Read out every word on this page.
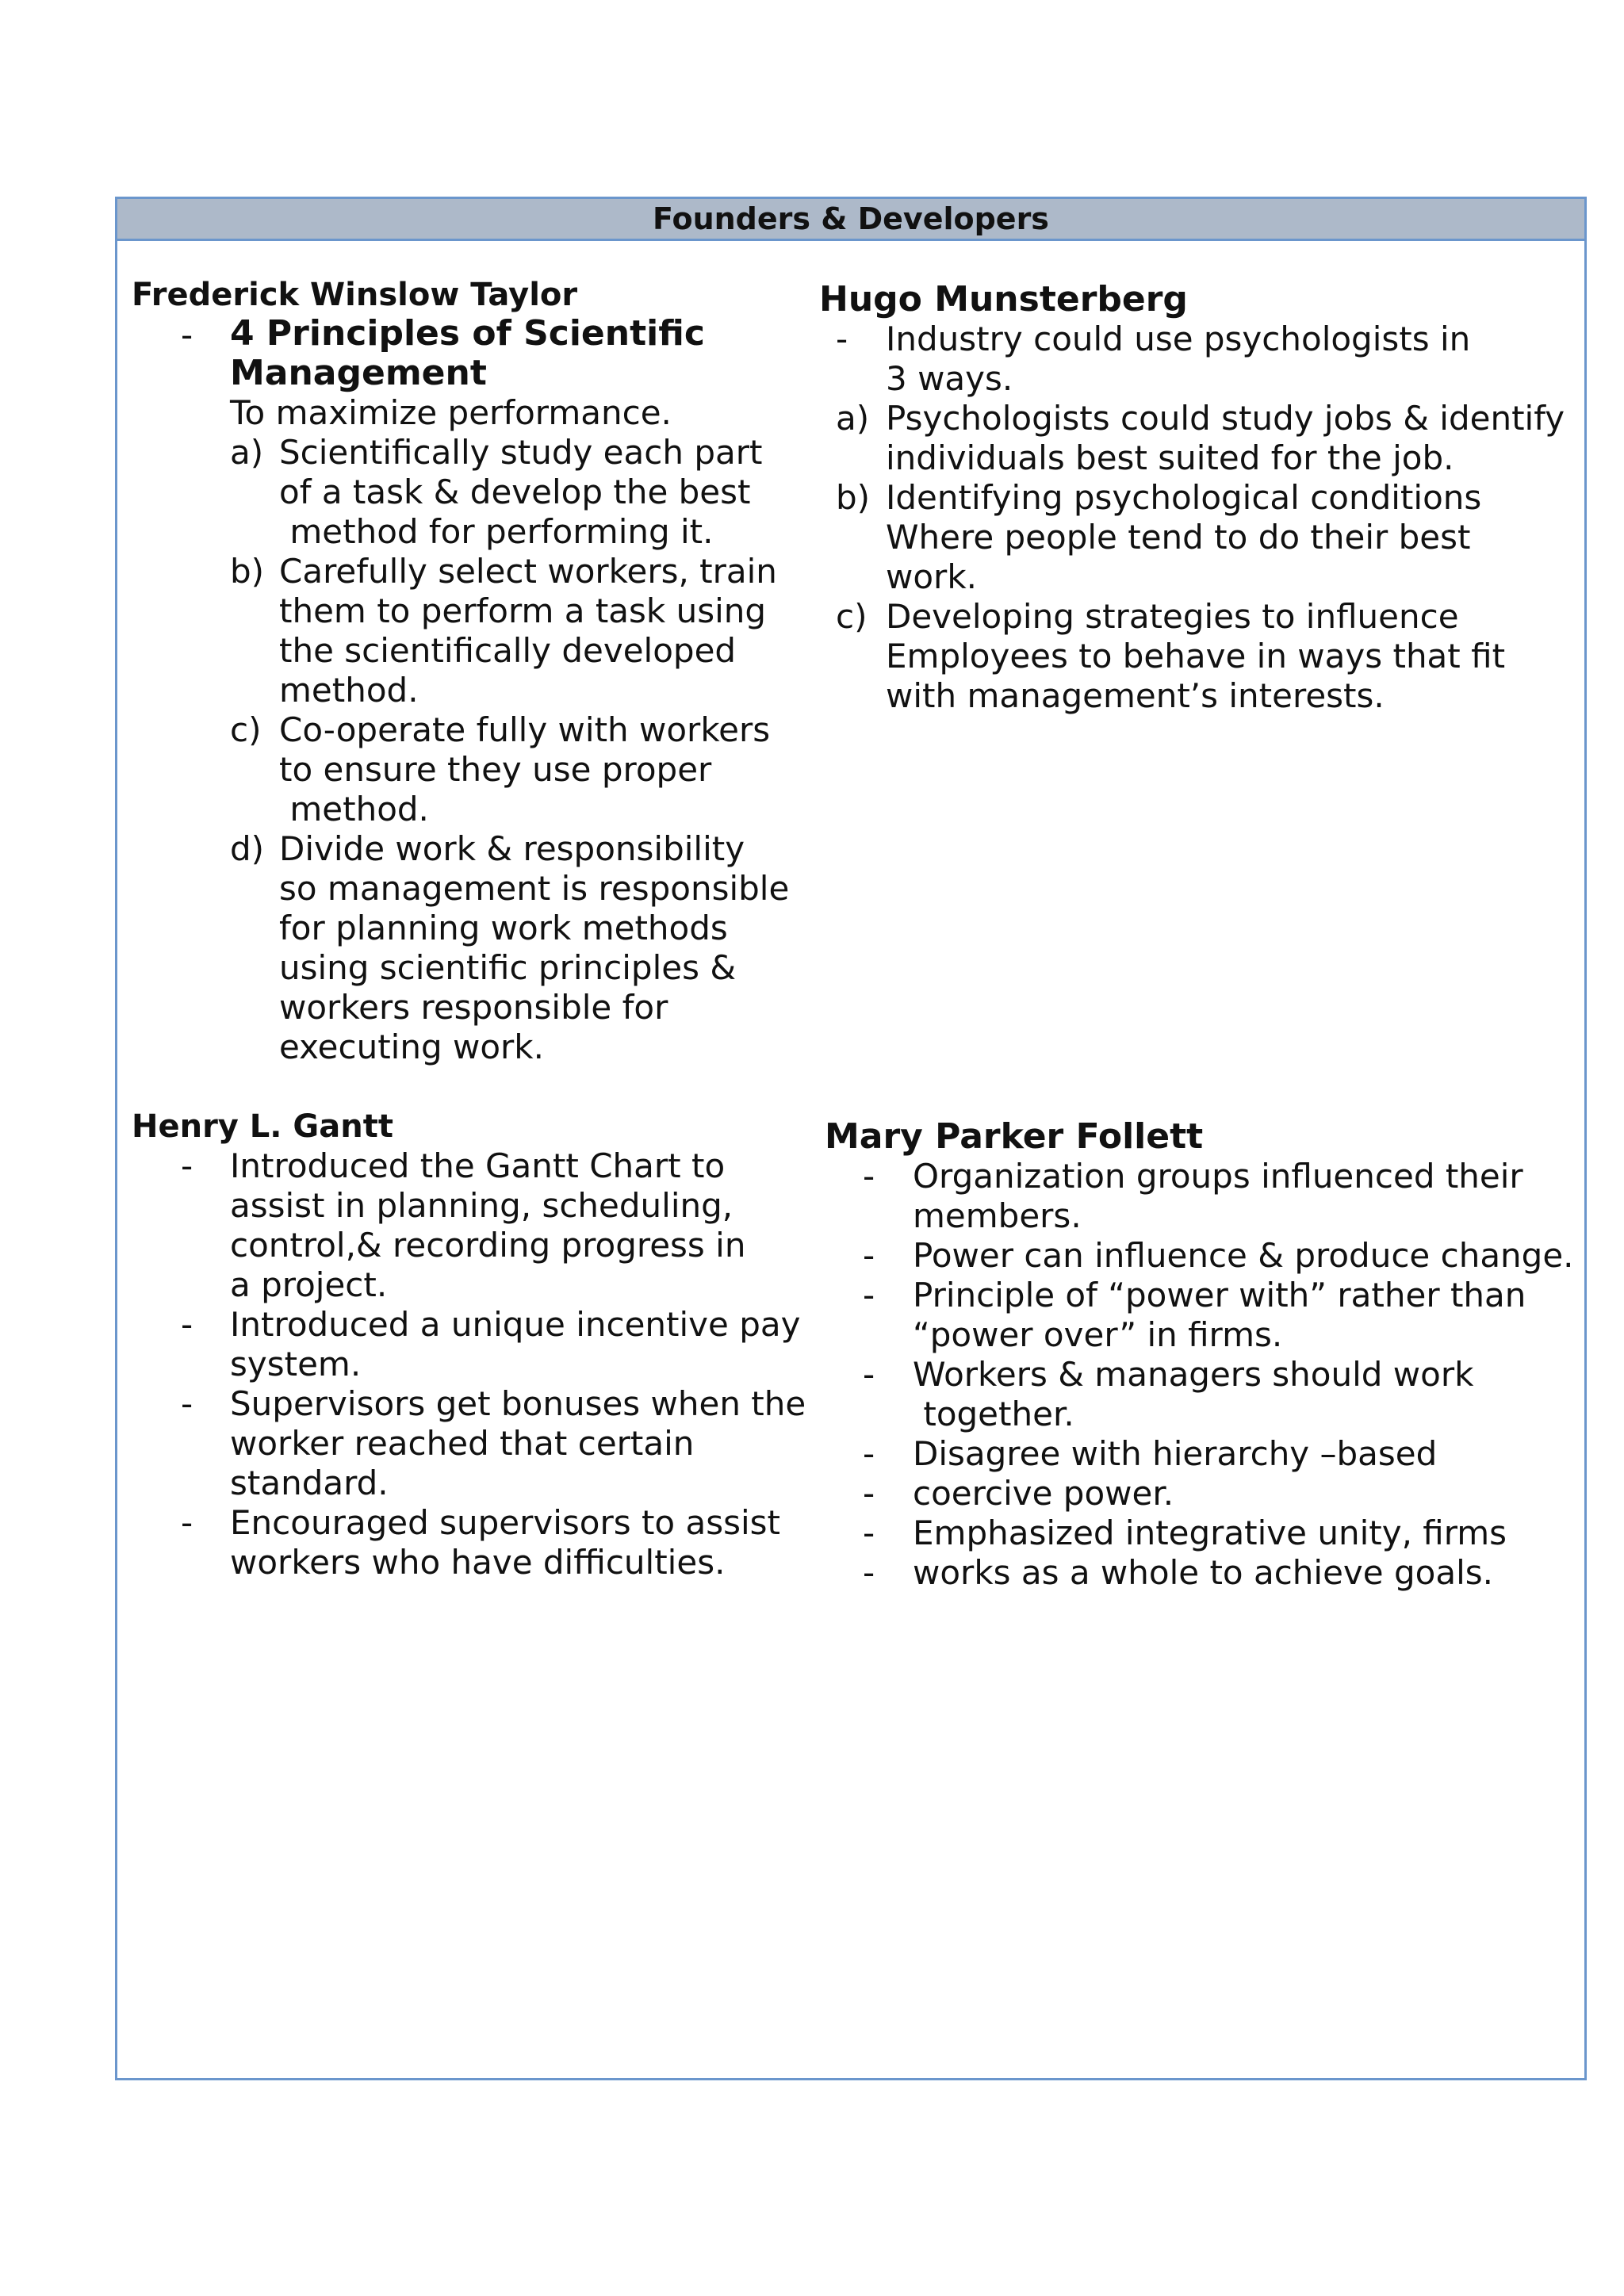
Founders & Developers
Frederick Winslow Taylor
- 4 Principles of Scientific
Management
To maximize performance.
a) Scientifically study each part
of a task & develop the best
method for performing it.
b) Carefully select workers, train
them to perform a task using
the scientifically developed
method.
c) Co-operate fully with workers
to ensure they use proper
method.
d) Divide work & responsibility
so management is responsible
for planning work methods
using scientific principles &
workers responsible for
executing work.
Hugo Munsterberg
- Industry could use psychologists in
3 ways.
a) Psychologists could study jobs & identify
individuals best suited for the job.
b) Identifying psychological conditions
Where people tend to do their best
work.
c) Developing strategies to influence
Employees to behave in ways that fit
with management’s interests.
Henry L. Gantt
- Introduced the Gantt Chart to
assist in planning, scheduling,
control,& recording progress in
a project.
- Introduced a unique incentive pay
system.
- Supervisors get bonuses when the
worker reached that certain
standard.
- Encouraged supervisors to assist
workers who have difficulties.
Mary Parker Follett
- Organization groups influenced their
members.
- Power can influence & produce change.
- Principle of “power with” rather than
“power over” in firms.
- Workers & managers should work
together.
- Disagree with hierarchy –based
- coercive power.
- Emphasized integrative unity, firms
- works as a whole to achieve goals.
